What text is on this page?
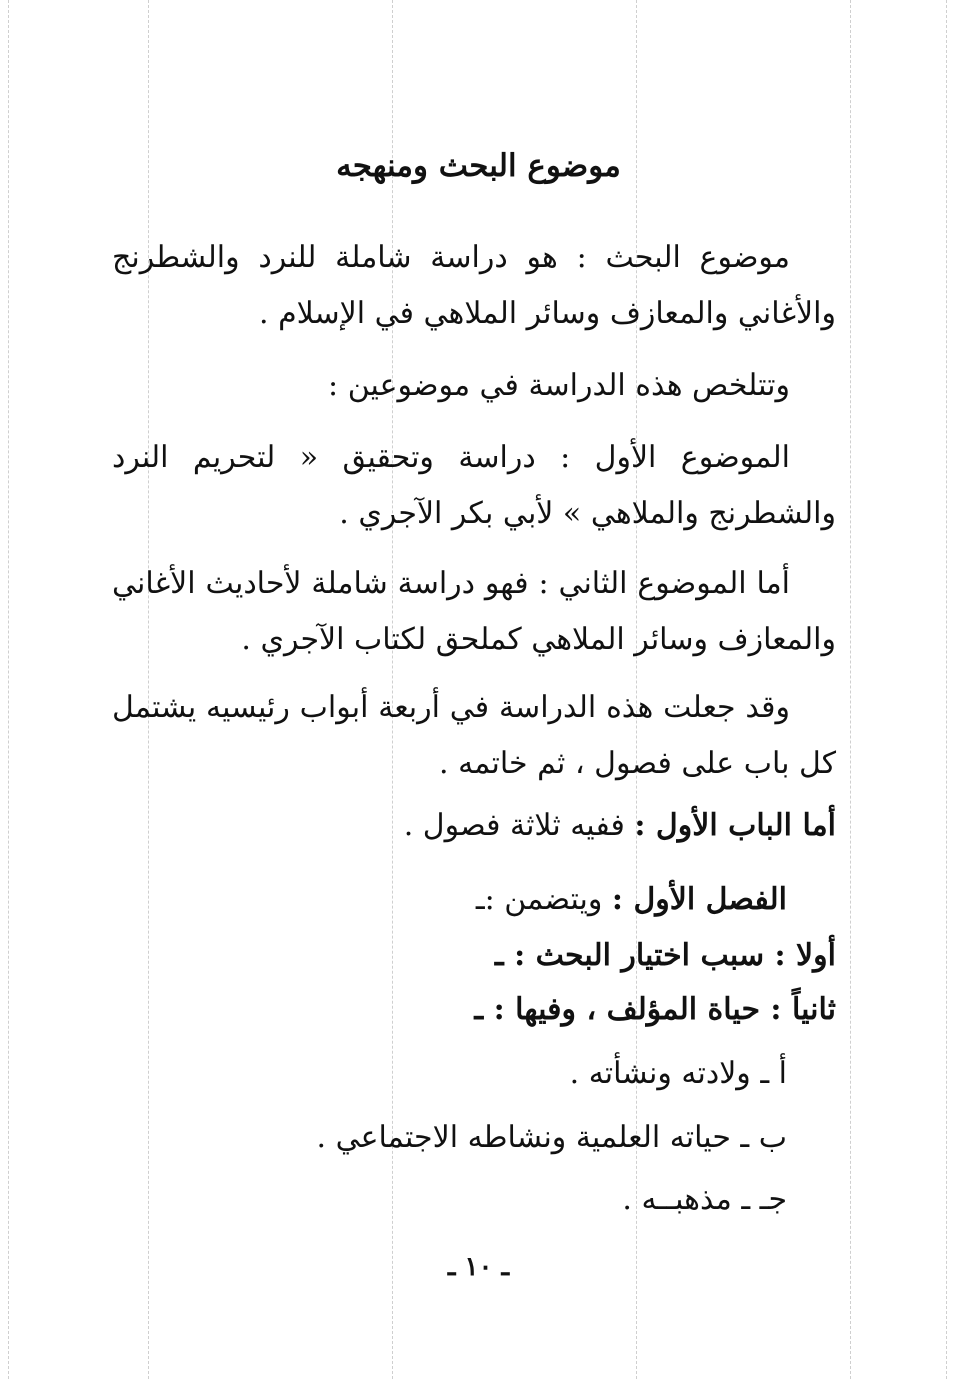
موضوع البحث ومنهجه
موضوع البحث : هو دراسة شاملة للنرد والشطرنج والأغاني والمعازف وسائر الملاهي في الإسلام .
وتتلخص هذه الدراسة في موضوعين :
الموضوع الأول : دراسة وتحقيق « لتحريم النرد والشطرنج والملاهي » لأبي بكر الآجري .
أما الموضوع الثاني : فهو دراسة شاملة لأحاديث الأغاني والمعازف وسائر الملاهي كملحق لكتاب الآجري .
وقد جعلت هذه الدراسة في أربعة أبواب رئيسيه يشتمل كل باب على فصول ، ثم خاتمه .
أما الباب الأول : ففيه ثلاثة فصول .
الفصل الأول : ويتضمن :ـ
أولا : سبب اختيار البحث : ـ
ثانياً : حياة المؤلف ، وفيها : ـ
أ ـ ولادته ونشأته .
ب ـ حياته العلمية ونشاطه الاجتماعي .
جـ ـ مذهبــه .
ـ ١٠ ـ
